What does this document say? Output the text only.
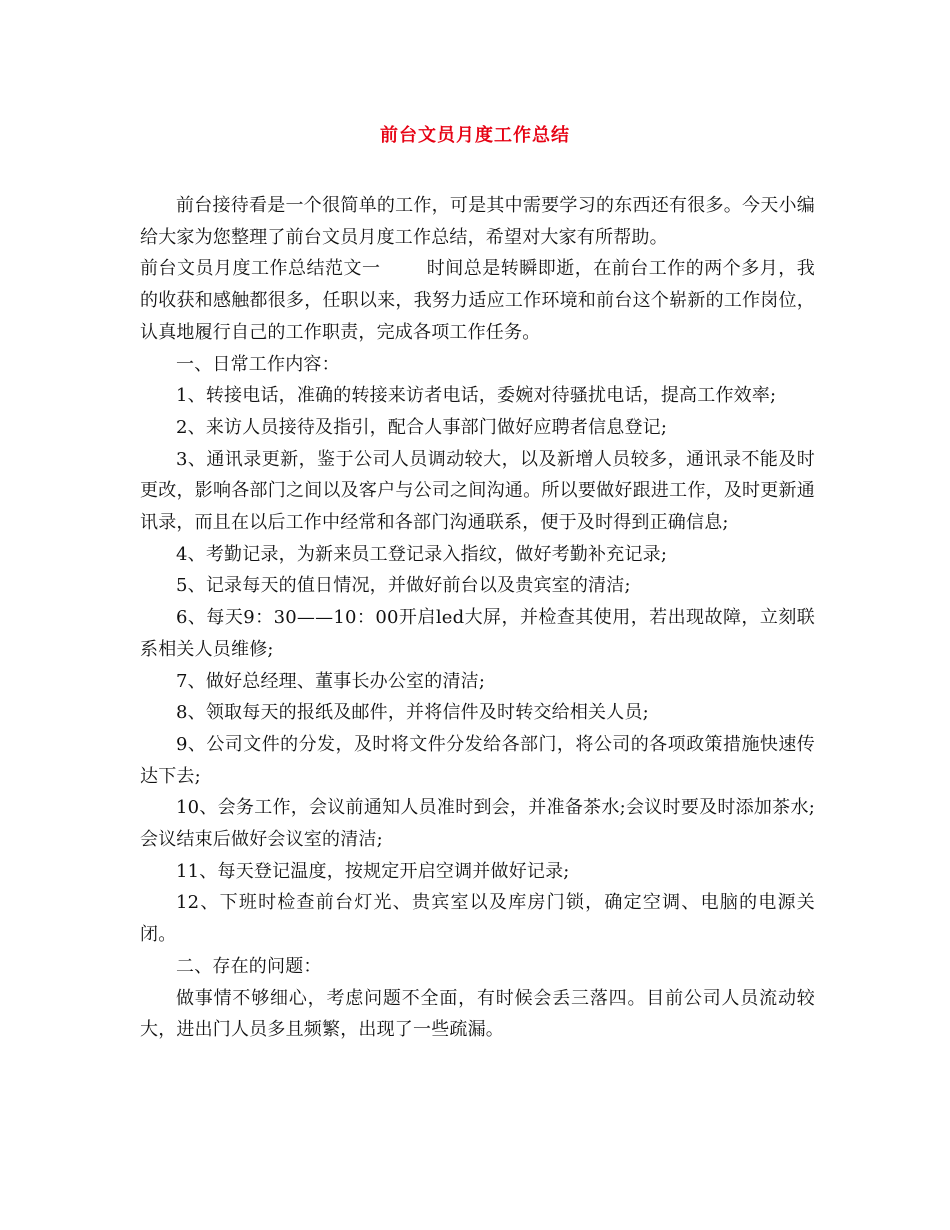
前台文员月度工作总结

前台接待看是一个很简单的工作，可是其中需要学习的东西还有很多。今天小编给大家为您整理了前台文员月度工作总结，希望对大家有所帮助。

前台文员月度工作总结范文一	时间总是转瞬即逝，在前台工作的两个多月，我的收获和感触都很多，任职以来，我努力适应工作环境和前台这个崭新的工作岗位，认真地履行自己的工作职责，完成各项工作任务。

一、日常工作内容：

1、转接电话，准确的转接来访者电话，委婉对待骚扰电话，提高工作效率;

2、来访人员接待及指引，配合人事部门做好应聘者信息登记;

3、通讯录更新，鉴于公司人员调动较大，以及新增人员较多，通讯录不能及时更改，影响各部门之间以及客户与公司之间沟通。所以要做好跟进工作，及时更新通讯录，而且在以后工作中经常和各部门沟通联系，便于及时得到正确信息;

4、考勤记录，为新来员工登记录入指纹，做好考勤补充记录;

5、记录每天的值日情况，并做好前台以及贵宾室的清洁;

6、每天9：30——10：00开启led大屏，并检查其使用，若出现故障，立刻联系相关人员维修;

7、做好总经理、董事长办公室的清洁;

8、领取每天的报纸及邮件，并将信件及时转交给相关人员;

9、公司文件的分发，及时将文件分发给各部门，将公司的各项政策措施快速传达下去;

10、会务工作，会议前通知人员准时到会，并准备茶水;会议时要及时添加茶水;会议结束后做好会议室的清洁;

11、每天登记温度，按规定开启空调并做好记录;

12、下班时检查前台灯光、贵宾室以及库房门锁，确定空调、电脑的电源关闭。

二、存在的问题：

做事情不够细心，考虑问题不全面，有时候会丢三落四。目前公司人员流动较大，进出门人员多且频繁，出现了一些疏漏。
